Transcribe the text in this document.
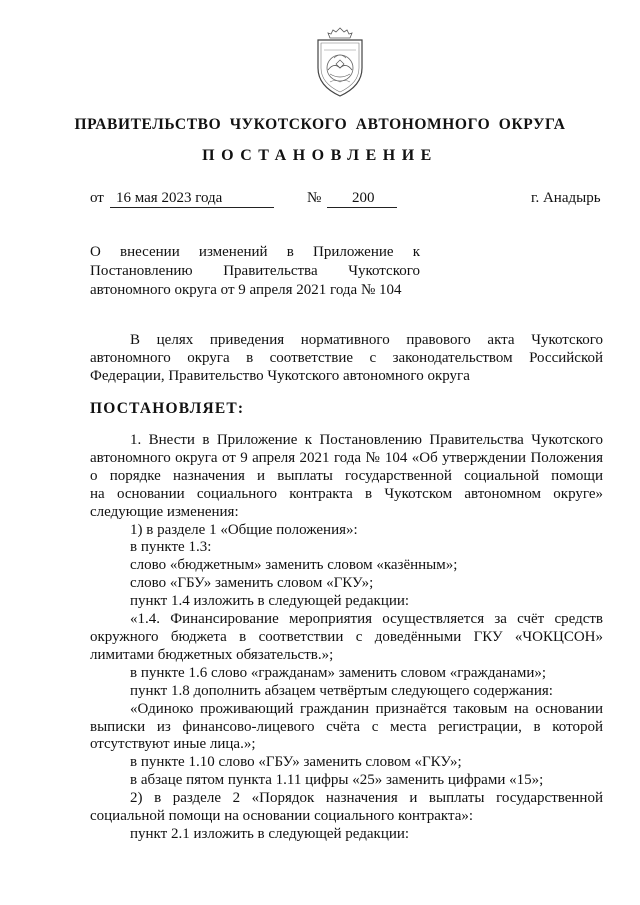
ПРАВИТЕЛЬСТВО ЧУКОТСКОГО АВТОНОМНОГО ОКРУГА
ПОСТАНОВЛЕНИЕ
от 16 мая 2023 года	№ 200	г. Анадырь
О внесении изменений в Приложение к
Постановлению Правительства Чукотского
автономного округа от 9 апреля 2021 года № 104
В целях приведения нормативного правового акта Чукотского
автономного округа в соответствие с законодательством Российской
Федерации, Правительство Чукотского автономного округа
ПОСТАНОВЛЯЕТ:
1. Внести в Приложение к Постановлению Правительства Чукотского
автономного округа от 9 апреля 2021 года № 104 «Об утверждении Положения
о порядке назначения и выплаты государственной социальной помощи
на основании социального контракта в Чукотском автономном округе»
следующие изменения:
1) в разделе 1 «Общие положения»:
в пункте 1.3:
слово «бюджетным» заменить словом «казённым»;
слово «ГБУ» заменить словом «ГКУ»;
пункт 1.4 изложить в следующей редакции:
«1.4. Финансирование мероприятия осуществляется за счёт средств
окружного бюджета в соответствии с доведёнными ГКУ «ЧОКЦСОН»
лимитами бюджетных обязательств.»;
в пункте 1.6 слово «гражданам» заменить словом «гражданами»;
пункт 1.8 дополнить абзацем четвёртым следующего содержания:
«Одиноко проживающий гражданин признаётся таковым на основании
выписки из финансово-лицевого счёта с места регистрации, в которой
отсутствуют иные лица.»;
в пункте 1.10 слово «ГБУ» заменить словом «ГКУ»;
в абзаце пятом пункта 1.11 цифры «25» заменить цифрами «15»;
2) в разделе 2 «Порядок назначения и выплаты государственной
социальной помощи на основании социального контракта»:
пункт 2.1 изложить в следующей редакции:
